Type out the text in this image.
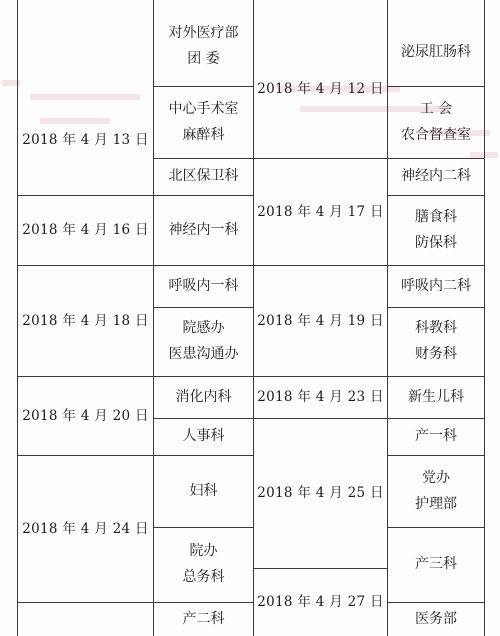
2018 年 4 月 13 日
2018 年 4 月 16 日
2018 年 4 月 18 日
2018 年 4 月 20 日
2018 年 4 月 24 日
对外医疗部
团 委
中心手术室
麻醉科
北区保卫科
神经内一科
呼吸内一科
院感办
医患沟通办
消化内科
人事科
妇科
院办
总务科
产二科
2018 年 4 月 12 日
2018 年 4 月 17 日
2018 年 4 月 19 日
2018 年 4 月 23 日
2018 年 4 月 25 日
2018 年 4 月 27 日
泌尿肛肠科
工 会
农合督查室
神经内二科
膳食科
防保科
呼吸内二科
科教科
财务科
新生儿科
产一科
党办
护理部
产三科
医务部
